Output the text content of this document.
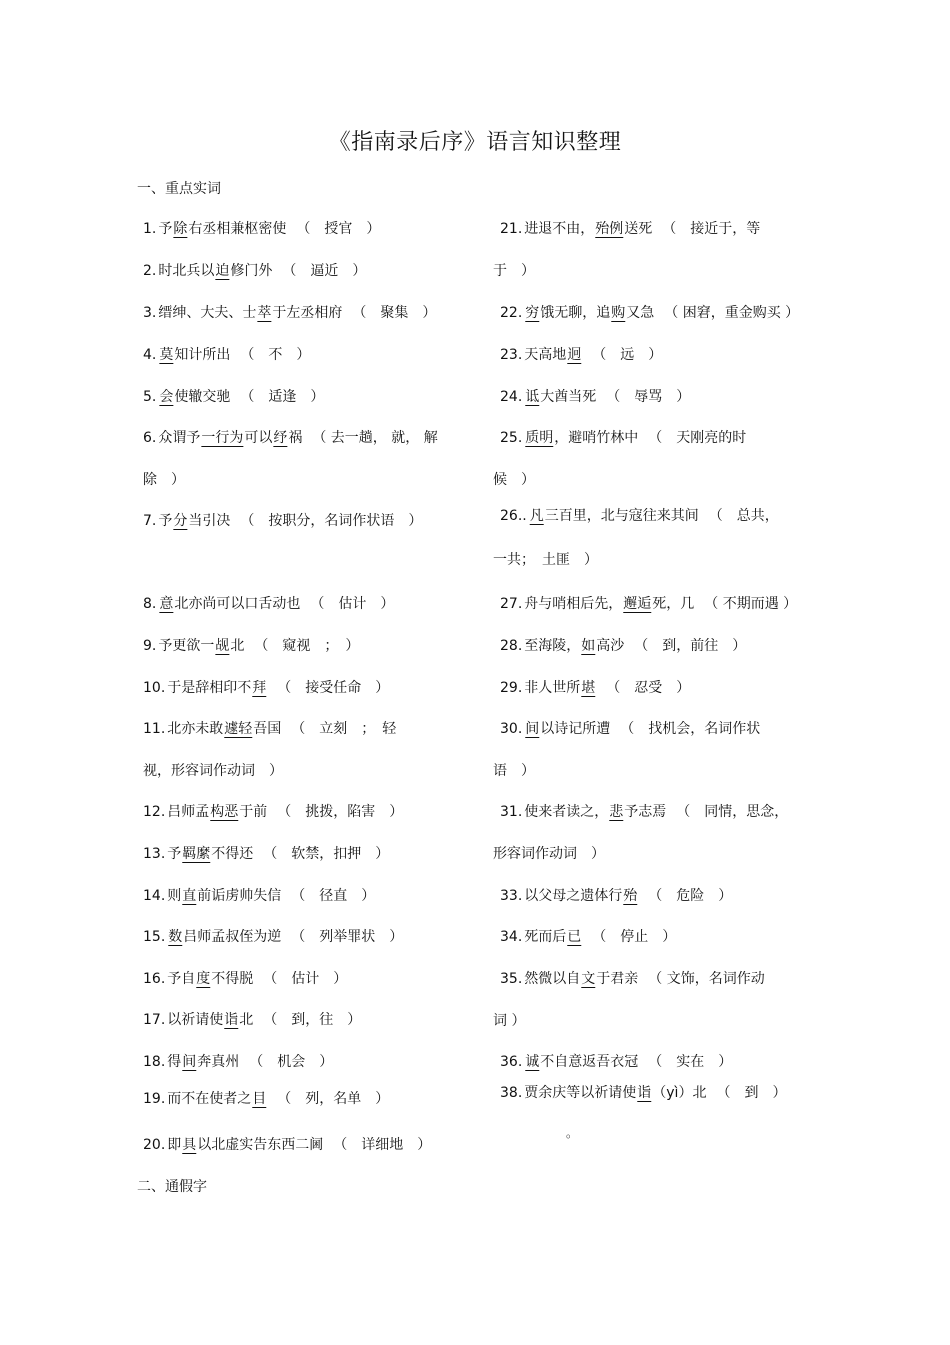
《指南录后序》语言知识整理
一、重点实词
二、通假字
。
1. 予除右丞相兼枢密使 （　授官　）
2. 时北兵以迫修门外 （　逼近　）
3. 缙绅、大夫、士萃于左丞相府 （　聚集　）
4. 莫知计所出 （　不　）
5. 会使辙交驰 （　适逢　）
6. 众谓予一行为可以纾祸 （ 去一趟， 就， 解
除　）
7. 予分当引决 （　按职分，名词作状语　）
8. 意北亦尚可以口舌动也 （　估计　）
9. 予更欲一觇北 （　窥视　；　）
10. 于是辞相印不拜 （　接受任命　）
11. 北亦未敢遽轻吾国 （　立刻　；　轻
视，形容词作动词　）
12. 吕师孟构恶于前 （　挑拨，陷害　）
13. 予羁縻不得还 （　软禁，扣押　）
14. 则直前诟虏帅失信 （　径直　）
15. 数吕师孟叔侄为逆 （　列举罪状　）
16. 予自度不得脱 （　估计　）
17. 以祈请使诣北 （　到，往　）
18. 得间奔真州 （　机会　）
19. 而不在使者之目 （　列，名单　）
20. 即具以北虚实告东西二阃 （　详细地　）
21. 进退不由，殆例送死 （　接近于，等
于　）
22. 穷饿无聊，追购又急 （ 困窘，重金购买 ）
23. 天高地迥 （　远　）
24. 诋大酋当死 （　辱骂　）
25. 质明，避哨竹林中 （　天刚亮的时
候　）
26.. 凡三百里，北与寇往来其间 （　总共，
一共；　土匪　）
27. 舟与哨相后先，邂逅死，几 （ 不期而遇 ）
28. 至海陵，如高沙 （　到，前往　）
29. 非人世所堪 （　忍受　）
30. 间以诗记所遭 （　找机会，名词作状
语　）
31. 使来者读之，悲予志焉 （　同情，思念，
形容词作动词　）
33. 以父母之遗体行殆 （　危险　）
34. 死而后已 （　停止　）
35. 然微以自文于君亲 （ 文饰，名词作动
词 ）
36. 诚不自意返吾衣冠 （　实在　）
38. 贾余庆等以祈请使诣（yì）北 （　到　）
